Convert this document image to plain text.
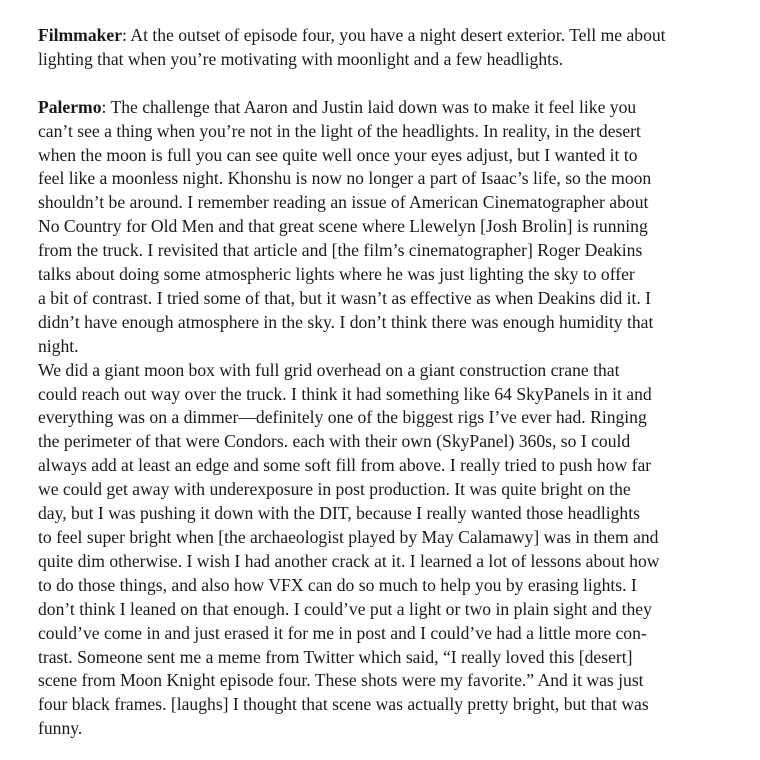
Filmmaker: At the outset of episode four, you have a night desert exterior. Tell me about
lighting that when you’re motivating with moonlight and a few headlights.

Palermo: The challenge that Aaron and Justin laid down was to make it feel like you
can’t see a thing when you’re not in the light of the headlights. In reality, in the desert
when the moon is full you can see quite well once your eyes adjust, but I wanted it to
feel like a moonless night. Khonshu is now no longer a part of Isaac’s life, so the moon
shouldn’t be around. I remember reading an issue of American Cinematographer about
No Country for Old Men and that great scene where Llewelyn [Josh Brolin] is running
from the truck. I revisited that article and [the film’s cinematographer] Roger Deakins
talks about doing some atmospheric lights where he was just lighting the sky to offer
a bit of contrast. I tried some of that, but it wasn’t as effective as when Deakins did it. I
didn’t have enough atmosphere in the sky. I don’t think there was enough humidity that
night.

We did a giant moon box with full grid overhead on a giant construction crane that
could reach out way over the truck. I think it had something like 64 SkyPanels in it and
everything was on a dimmer—definitely one of the biggest rigs I’ve ever had. Ringing
the perimeter of that were Condors. each with their own (SkyPanel) 360s, so I could
always add at least an edge and some soft fill from above. I really tried to push how far
we could get away with underexposure in post production. It was quite bright on the
day, but I was pushing it down with the DIT, because I really wanted those headlights
to feel super bright when [the archaeologist played by May Calamawy] was in them and
quite dim otherwise. I wish I had another crack at it. I learned a lot of lessons about how
to do those things, and also how VFX can do so much to help you by erasing lights. I
don’t think I leaned on that enough. I could’ve put a light or two in plain sight and they
could’ve come in and just erased it for me in post and I could’ve had a little more con-
trast. Someone sent me a meme from Twitter which said, “I really loved this [desert]
scene from Moon Knight episode four. These shots were my favorite.” And it was just
four black frames. [laughs] I thought that scene was actually pretty bright, but that was
funny.
